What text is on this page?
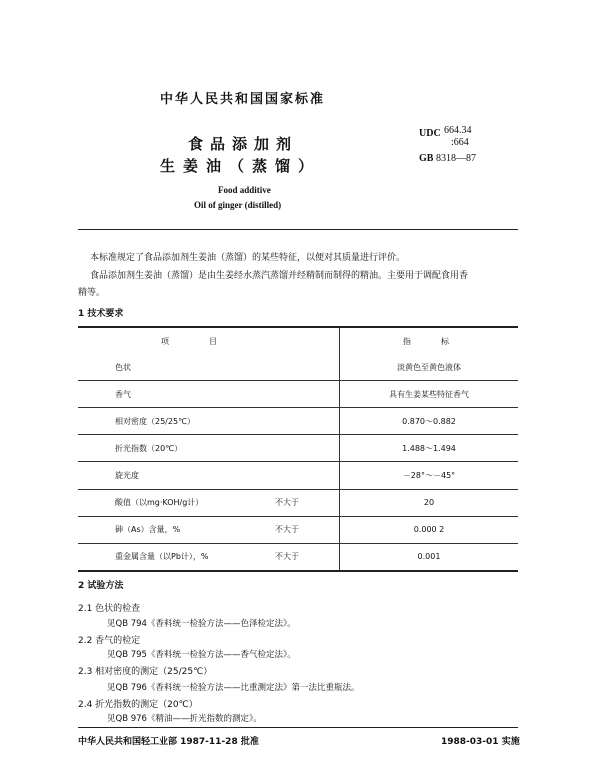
中华人民共和国国家标准
食品添加剂
生姜油（蒸馏）
UDC 664.34
:664
GB 8318—87
Food additive
Oil of ginger (distilled)
本标准规定了食品添加剂生姜油（蒸馏）的某些特征，以便对其质量进行评价。
食品添加剂生姜油（蒸馏）是由生姜经水蒸汽蒸馏并经精制而制得的精油。主要用于调配食用香
精等。
1 技术要求
项目		指标
色状		淡黄色至黄色液体
香气		具有生姜某些特征香气
相对密度（25/25℃）		0.870～0.882
折光指数（20℃）		1.488～1.494
旋光度		－28°～－45°
酸值（以mg·KOH/g计）	不大于	20
砷（As）含量，%	不大于	0.000 2
重金属含量（以Pb计），%	不大于	0.001
2 试验方法
2.1 色状的检查
见QB 794《香料统一检验方法——色泽检定法》。
2.2 香气的检定
见QB 795《香料统一检验方法——香气检定法》。
2.3 相对密度的测定（25/25℃）
见QB 796《香料统一检验方法——比重测定法》第一法比重瓶法。
2.4 折光指数的测定（20℃）
见QB 976《精油——折光指数的测定》。
中华人民共和国轻工业部 1987-11-28 批准	1988-03-01 实施
